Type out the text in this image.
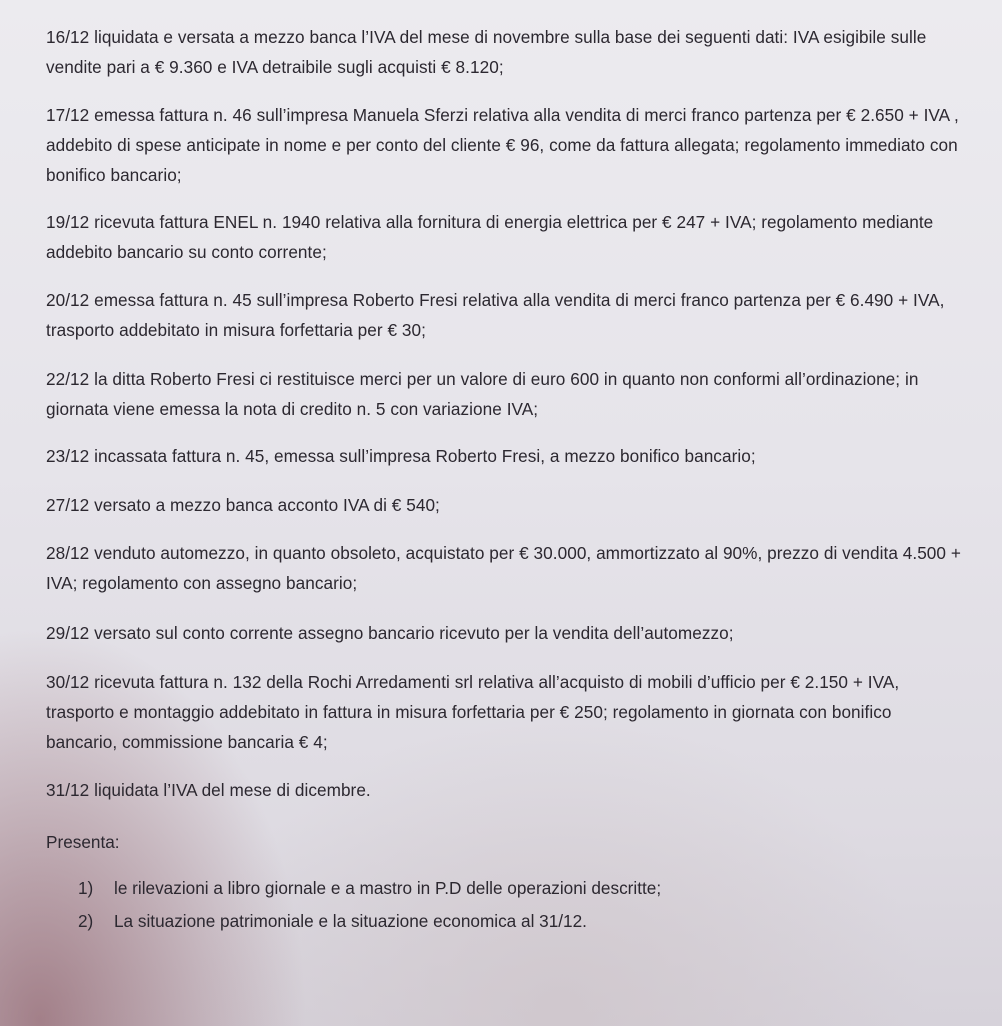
16/12 liquidata e versata a mezzo banca l’IVA del mese di novembre sulla base dei seguenti dati: IVA esigibile sulle vendite pari a € 9.360 e IVA detraibile sugli acquisti € 8.120;

17/12 emessa fattura n. 46 sull’impresa Manuela Sferzi relativa alla vendita di merci franco partenza per € 2.650 + IVA , addebito di spese anticipate in nome e per conto del cliente € 96, come da fattura allegata; regolamento immediato con bonifico bancario;

19/12 ricevuta fattura ENEL n. 1940 relativa alla fornitura di energia elettrica per € 247 + IVA; regolamento mediante addebito bancario su conto corrente;

20/12 emessa fattura n. 45 sull’impresa Roberto Fresi relativa alla vendita di merci franco partenza per € 6.490 + IVA, trasporto addebitato in misura forfettaria per € 30;

22/12 la ditta Roberto Fresi ci restituisce merci per un valore di euro 600 in quanto non conformi all’ordinazione; in giornata viene emessa la nota di credito n. 5 con variazione IVA;

23/12 incassata fattura n. 45, emessa sull’impresa Roberto Fresi, a mezzo bonifico bancario;

27/12 versato a mezzo banca acconto IVA di € 540;

28/12 venduto automezzo, in quanto obsoleto, acquistato per € 30.000, ammortizzato al 90%, prezzo di vendita 4.500 + IVA; regolamento con assegno bancario;

29/12 versato sul conto corrente assegno bancario ricevuto per la vendita dell’automezzo;

30/12 ricevuta fattura n. 132 della Rochi Arredamenti srl relativa all’acquisto di mobili d’ufficio per € 2.150 + IVA, trasporto e montaggio addebitato in fattura in misura forfettaria per € 250; regolamento in giornata con bonifico bancario, commissione bancaria € 4;

31/12 liquidata l’IVA del mese di dicembre.

Presenta:

1) le rilevazioni a libro giornale e a mastro in P.D delle operazioni descritte;
2) La situazione patrimoniale e la situazione economica al 31/12.
